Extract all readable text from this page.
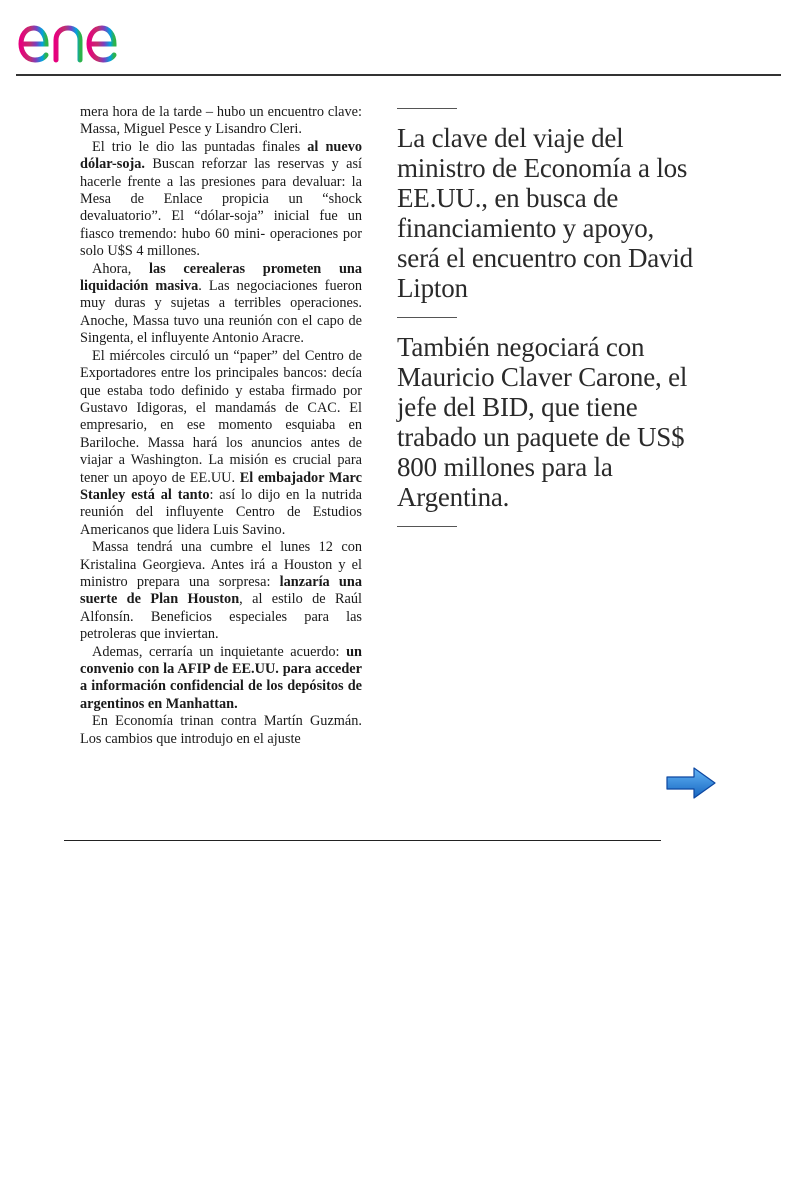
mera hora de la tarde – hubo un encuentro clave: Massa, Miguel Pesce y Lisandro Cleri.

El trio le dio las puntadas finales al nuevo dólar-soja. Buscan reforzar las reservas y así hacerle frente a las presiones para devaluar: la Mesa de Enlace propicia un “shock devaluatorio”. El “dólar-soja” inicial fue un fiasco tremendo: hubo 60 mini- operaciones por solo U$S 4 millones.

Ahora, las cerealeras prometen una liquidación masiva. Las negociaciones fueron muy duras y sujetas a terribles operaciones. Anoche, Massa tuvo una reunión con el capo de Singenta, el influyente Antonio Aracre.

El miércoles circuló un “paper” del Centro de Exportadores entre los principales bancos: decía que estaba todo definido y estaba firmado por Gustavo Idigoras, el mandamás de CAC. El empresario, en ese momento esquiaba en Bariloche. Massa hará los anuncios antes de viajar a Washington. La misión es crucial para tener un apoyo de EE.UU. El embajador Marc Stanley está al tanto: así lo dijo en la nutrida reunión del influyente Centro de Estudios Americanos que lidera Luis Savino.

Massa tendrá una cumbre el lunes 12 con Kristalina Georgieva. Antes irá a Houston y el ministro prepara una sorpresa: lanzaría una suerte de Plan Houston, al estilo de Raúl Alfonsín. Beneficios especiales para las petroleras que inviertan.

Ademas, cerraría un inquietante acuerdo: un convenio con la AFIP de EE.UU. para acceder a información confidencial de los depósitos de argentinos en Manhattan.

En Economía trinan contra Martín Guzmán. Los cambios que introdujo en el ajuste

La clave del viaje del ministro de Economía a los EE.UU., en busca de financiamiento y apoyo, será el encuentro con David Lipton
También negociará con Mauricio Claver Carone, el jefe del BID, que tiene trabado un paquete de US$ 800 millones para la Argentina.
